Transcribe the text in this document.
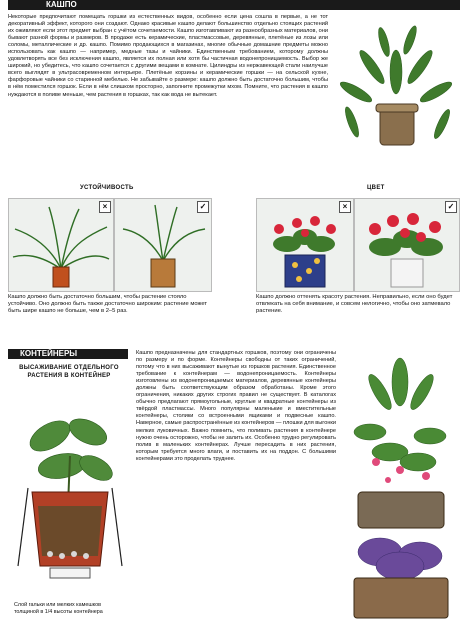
КАШПО

Некоторые предпочитают помещать горшки из естественных видов, особенно если цена сошла в первые, а не тот декоративный эффект, которого они создают. Однако красивые кашпо делают большинство отдельно стоящих растений их оживляют если этот предмет выбран с учётом сочетаемости. Кашпо изготавливают из разнообразных материалов, они бывают разной формы и размеров. В продаже есть керамические, пластмассовые, деревянные, плетёные из лозы или соломы, металлические и др. кашпо. Помимо продающихся в магазинах, многие обычные домашние предметы можно использовать как кашпо — например, медные тазы и чайники. Единственным требованием, которому должны удовлетворять все без исключения кашпо, является их полная или хотя бы частичная водонепроницаемость. Выбор же широкий, но убедитесь, что кашпо сочетается с другими вещами в комнате. Цилиндры из нержавеющей стали наилучше всего выглядят в ультрасовременном интерьере. Плетёные корзины и керамические горшки — на сельской кухне, фарфоровые чайники со старинной мебелью. Не забывайте о размере: кашпо должно быть достаточно большим, чтобы в нём поместился горшок. Если в нём слишком просторно, заполните промежутки мхом. Помните, что растения в кашпо нуждаются в поливе меньше, чем растения в горшках, так как вода не вытекает.

УСТОЙЧИВОСТЬ	ЦВЕТ
×	✓	×	✓

Кашпо должно быть достаточно большим, чтобы растение стояло устойчиво. Оно должно быть также достаточно широким: растение может быть шире кашпо не больше, чем в 2–5 раз.

Кашпо должно оттенять красоту растения. Неправильно, если оно будет отвлекать на себя внимание, и совсем нелогично, чтобы оно затмевало растение.

КОНТЕЙНЕРЫ
ВЫСАЖИВАНИЕ ОТДЕЛЬНОГО РАСТЕНИЯ В КОНТЕЙНЕР

Слой гальки или мелких камешков толщиной в 1/4 высоты контейнера

Кашпо предназначены для стандартных горшков, поэтому они ограничены по размеру и по форме. Контейнеры свободны от таких ограничений, потому что в них высаживают вынутые из горшков растения. Единственное требование к контейнерам — водонепроницаемость. Контейнеры изготовлены из водонепроницаемых материалов, деревянные контейнеры должны быть соответствующим образом обработаны. Кроме этого ограничения, никаких других строгих правил не существует. В каталогах обычно предлагают прямоугольные, круглые и квадратные контейнеры из твёрдой пластмассы. Много популярны маленькие и вместительные контейнеры, столики со встроенными ящиками и подвесные кашпо. Наверное, самые распространённые из контейнеров — плошки для выгонки мелких луковичных. Важно помнить, что поливать растения в контейнере нужно очень осторожно, чтобы не залить их. Особенно трудно регулировать полив в маленьких контейнерах. Лучше пересадить в них растения, которым требуется много влаги, и поставить их на поддон. С большими контейнерами это проделать труднее.
